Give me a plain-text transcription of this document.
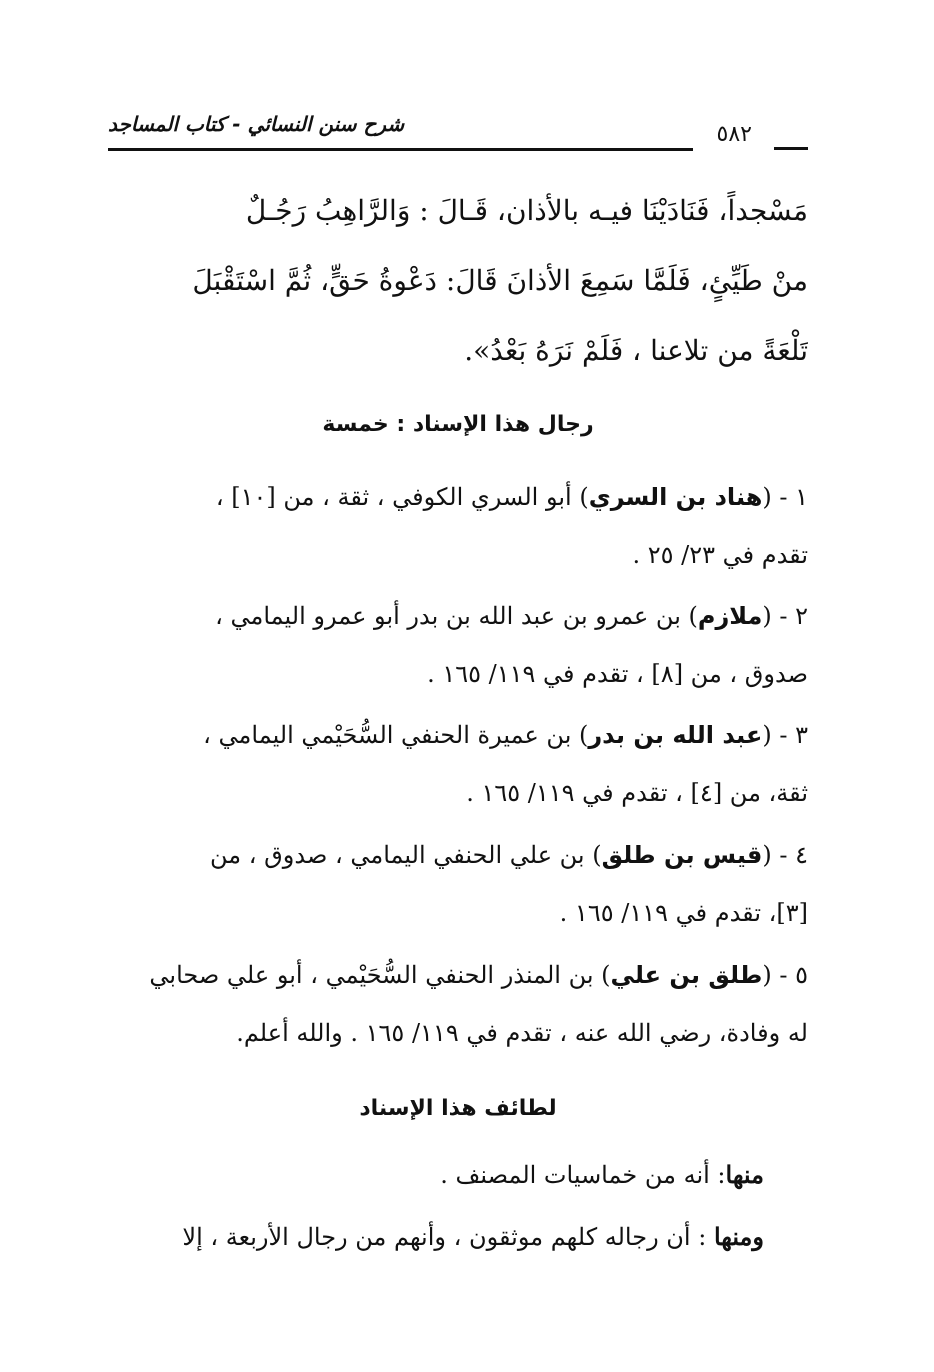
شرح سنن النسائي - كتاب المساجد	٥٨٢
مَسْجداً، فَنَادَيْنَا فيـه بالأذان، قَـالَ : وَالرَّاهِبُ رَجُـلٌ
منْ طَيِّئٍ، فَلَمَّا سَمِعَ الأذانَ قَالَ: دَعْوةُ حَقٍّ، ثُمَّ اسْتَقْبَلَ
تَلْعَةً من تلاعنا ، فَلَمْ نَرَهُ بَعْدُ».
رجال هذا الإسناد : خمسة
١ - (هناد بن السري) أبو السري الكوفي ، ثقة ، من [١٠] ،
تقدم في ٢٣/ ٢٥ .
٢ - (ملازم) بن عمرو بن عبد الله بن بدر أبو عمرو اليمامي ،
صدوق ، من [٨] ، تقدم في ١١٩/ ١٦٥ .
٣ - (عبد الله بن بدر) بن عميرة الحنفي السُّحَيْمي اليمامي ،
ثقة، من [٤] ، تقدم في ١١٩/ ١٦٥ .
٤ - (قيس بن طلق) بن علي الحنفي اليمامي ، صدوق ، من
[٣]، تقدم في ١١٩/ ١٦٥ .
٥ - (طلق بن علي) بن المنذر الحنفي السُّحَيْمي ، أبو علي صحابي
له وفادة، رضي الله عنه ، تقدم في ١١٩/ ١٦٥ . والله أعلم.
لطائف هذا الإسناد
منها: أنه من خماسيات المصنف .
ومنها : أن رجاله كلهم موثقون ، وأنهم من رجال الأربعة ، إلا
